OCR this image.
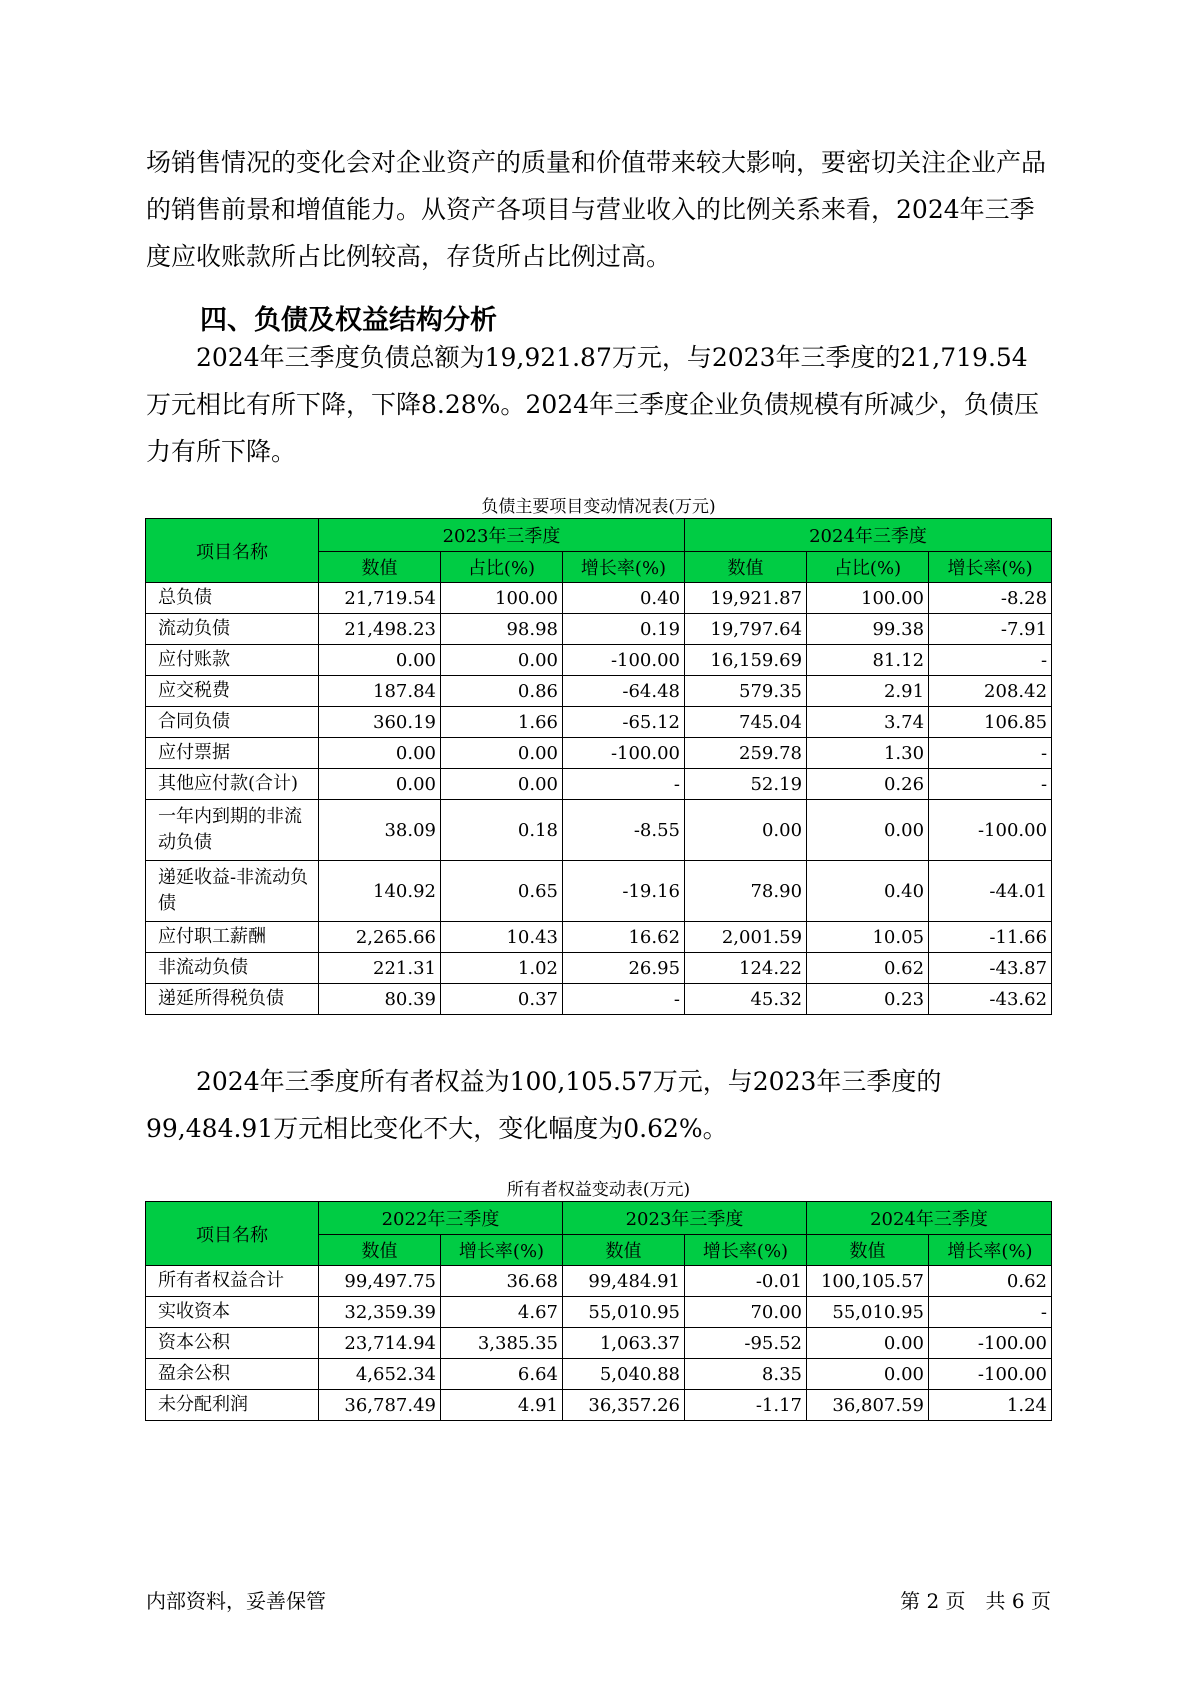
场销售情况的变化会对企业资产的质量和价值带来较大影响，要密切关注企业产品的销售前景和增值能力。从资产各项目与营业收入的比例关系来看，2024年三季度应收账款所占比例较高，存货所占比例过高。

四、负债及权益结构分析

2024年三季度负债总额为19,921.87万元，与2023年三季度的21,719.54万元相比有所下降，下降8.28%。2024年三季度企业负债规模有所减少，负债压力有所下降。

负债主要项目变动情况表(万元)
项目名称	2023年三季度			2024年三季度		
	数值	占比(%)	增长率(%)	数值	占比(%)	增长率(%)
总负债	21,719.54	100.00	0.40	19,921.87	100.00	-8.28
流动负债	21,498.23	98.98	0.19	19,797.64	99.38	-7.91
应付账款	0.00	0.00	-100.00	16,159.69	81.12	-
应交税费	187.84	0.86	-64.48	579.35	2.91	208.42
合同负债	360.19	1.66	-65.12	745.04	3.74	106.85
应付票据	0.00	0.00	-100.00	259.78	1.30	-
其他应付款(合计)	0.00	0.00	-	52.19	0.26	-
一年内到期的非流动负债	38.09	0.18	-8.55	0.00	0.00	-100.00
递延收益-非流动负债	140.92	0.65	-19.16	78.90	0.40	-44.01
应付职工薪酬	2,265.66	10.43	16.62	2,001.59	10.05	-11.66
非流动负债	221.31	1.02	26.95	124.22	0.62	-43.87
递延所得税负债	80.39	0.37	-	45.32	0.23	-43.62

2024年三季度所有者权益为100,105.57万元，与2023年三季度的99,484.91万元相比变化不大，变化幅度为0.62%。

所有者权益变动表(万元)
项目名称	2022年三季度		2023年三季度		2024年三季度	
	数值	增长率(%)	数值	增长率(%)	数值	增长率(%)
所有者权益合计	99,497.75	36.68	99,484.91	-0.01	100,105.57	0.62
实收资本	32,359.39	4.67	55,010.95	70.00	55,010.95	-
资本公积	23,714.94	3,385.35	1,063.37	-95.52	0.00	-100.00
盈余公积	4,652.34	6.64	5,040.88	8.35	0.00	-100.00
未分配利润	36,787.49	4.91	36,357.26	-1.17	36,807.59	1.24
内部资料，妥善保管	第 2 页　共 6 页
